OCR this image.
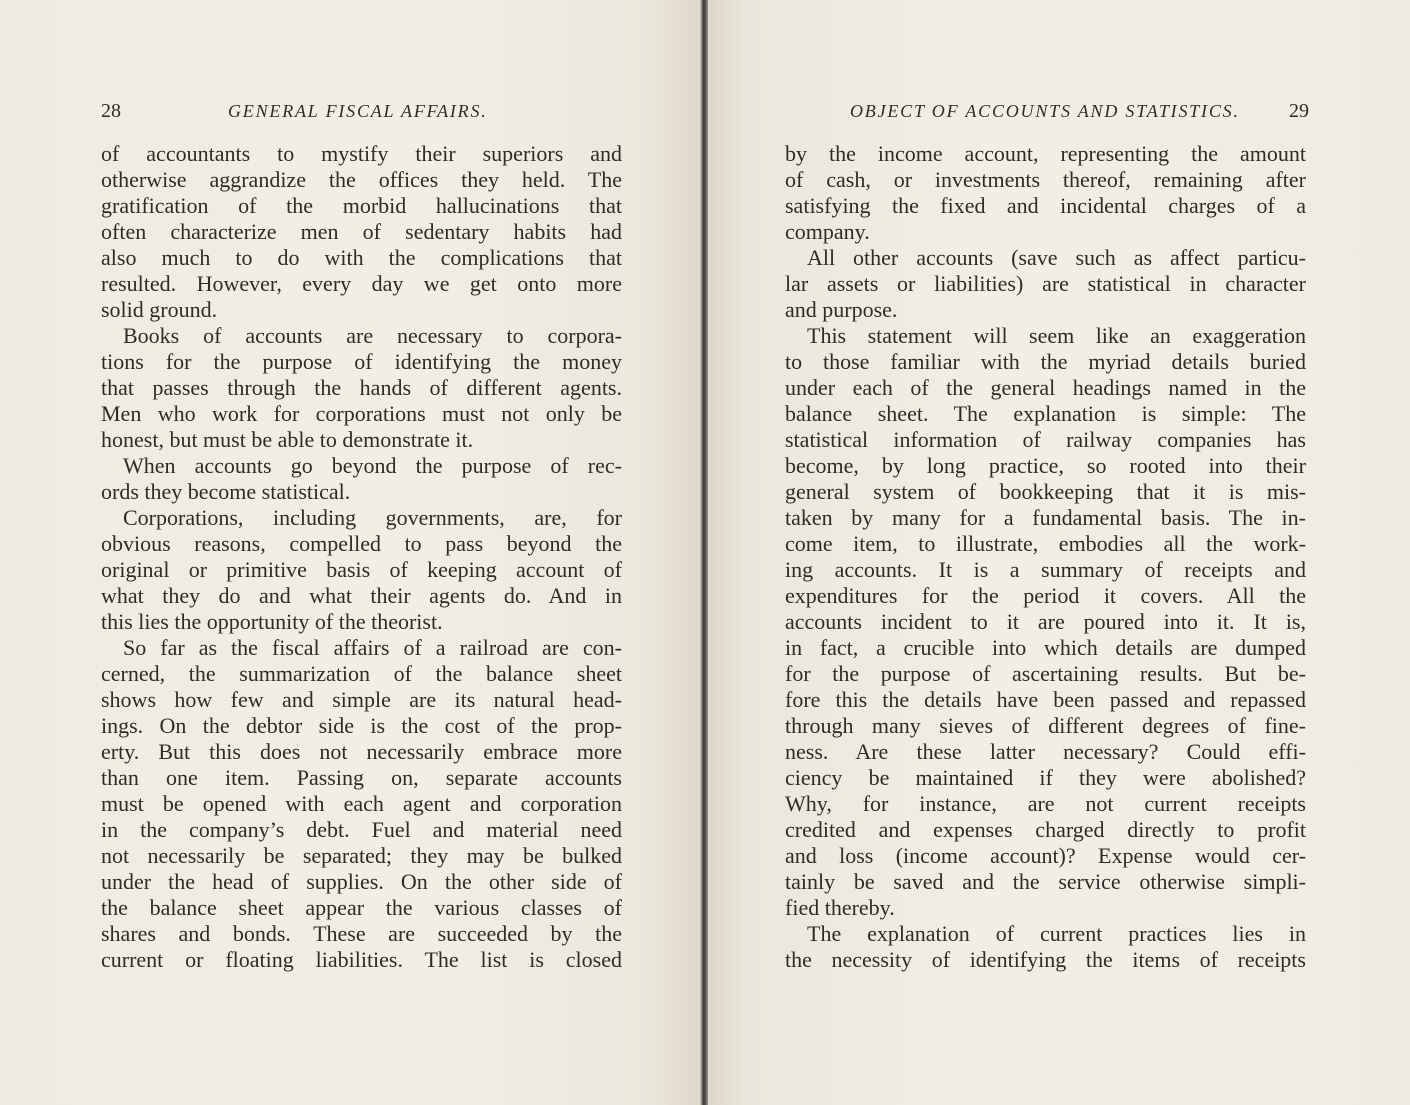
28	GENERAL FISCAL AFFAIRS.
of accountants to mystify their superiors and
otherwise aggrandize the offices they held. The
gratification of the morbid hallucinations that
often characterize men of sedentary habits had
also much to do with the complications that
resulted. However, every day we get onto more
solid ground.
Books of accounts are necessary to corpora-
tions for the purpose of identifying the money
that passes through the hands of different agents.
Men who work for corporations must not only be
honest, but must be able to demonstrate it.
When accounts go beyond the purpose of rec-
ords they become statistical.
Corporations, including governments, are, for
obvious reasons, compelled to pass beyond the
original or primitive basis of keeping account of
what they do and what their agents do. And in
this lies the opportunity of the theorist.
So far as the fiscal affairs of a railroad are con-
cerned, the summarization of the balance sheet
shows how few and simple are its natural head-
ings. On the debtor side is the cost of the prop-
erty. But this does not necessarily embrace more
than one item. Passing on, separate accounts
must be opened with each agent and corporation
in the company’s debt. Fuel and material need
not necessarily be separated; they may be bulked
under the head of supplies. On the other side of
the balance sheet appear the various classes of
shares and bonds. These are succeeded by the
current or floating liabilities. The list is closed
OBJECT OF ACCOUNTS AND STATISTICS. 29
by the income account, representing the amount
of cash, or investments thereof, remaining after
satisfying the fixed and incidental charges of a
company.
All other accounts (save such as affect particu-
lar assets or liabilities) are statistical in character
and purpose.
This statement will seem like an exaggeration
to those familiar with the myriad details buried
under each of the general headings named in the
balance sheet. The explanation is simple: The
statistical information of railway companies has
become, by long practice, so rooted into their
general system of bookkeeping that it is mis-
taken by many for a fundamental basis. The in-
come item, to illustrate, embodies all the work-
ing accounts. It is a summary of receipts and
expenditures for the period it covers. All the
accounts incident to it are poured into it. It is,
in fact, a crucible into which details are dumped
for the purpose of ascertaining results. But be-
fore this the details have been passed and repassed
through many sieves of different degrees of fine-
ness. Are these latter necessary? Could effi-
ciency be maintained if they were abolished?
Why, for instance, are not current receipts
credited and expenses charged directly to profit
and loss (income account)? Expense would cer-
tainly be saved and the service otherwise simpli-
fied thereby.
The explanation of current practices lies in
the necessity of identifying the items of receipts
